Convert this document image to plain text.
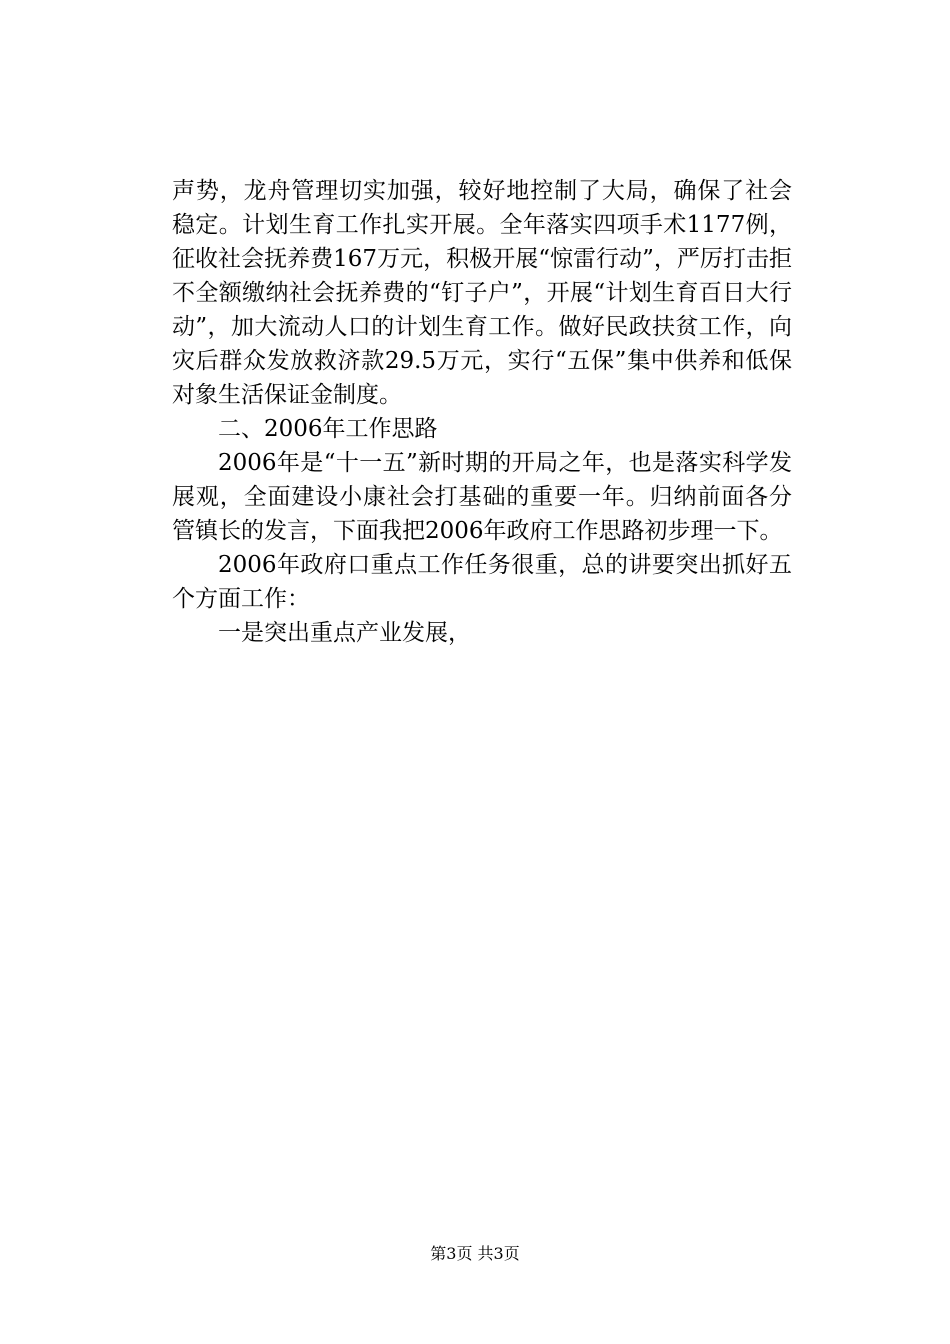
声势，龙舟管理切实加强，较好地控制了大局，确保了社会稳定。计划生育工作扎实开展。全年落实四项手术1177例，征收社会抚养费167万元，积极开展“惊雷行动”，严厉打击拒不全额缴纳社会抚养费的“钉子户”，开展“计划生育百日大行动”，加大流动人口的计划生育工作。做好民政扶贫工作，向灾后群众发放救济款29.5万元，实行“五保”集中供养和低保对象生活保证金制度。

二、2006年工作思路

2006年是“十一五”新时期的开局之年，也是落实科学发展观，全面建设小康社会打基础的重要一年。归纳前面各分管镇长的发言，下面我把2006年政府工作思路初步理一下。

2006年政府口重点工作任务很重，总的讲要突出抓好五个方面工作：

一是突出重点产业发展，

第3页 共3页
